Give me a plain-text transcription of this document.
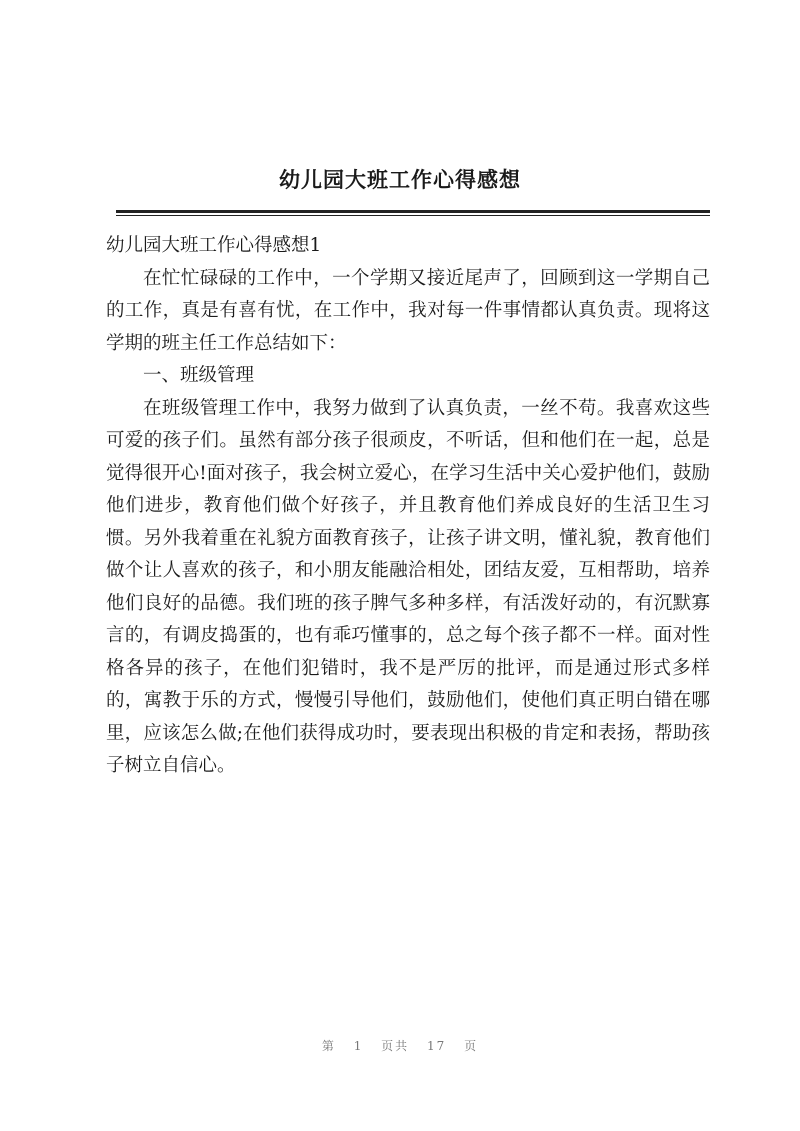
幼儿园大班工作心得感想

幼儿园大班工作心得感想1

在忙忙碌碌的工作中，一个学期又接近尾声了，回顾到这一学期自己的工作，真是有喜有忧，在工作中，我对每一件事情都认真负责。现将这学期的班主任工作总结如下：

一、班级管理

在班级管理工作中，我努力做到了认真负责，一丝不苟。我喜欢这些可爱的孩子们。虽然有部分孩子很顽皮，不听话，但和他们在一起，总是觉得很开心!面对孩子，我会树立爱心，在学习生活中关心爱护他们，鼓励他们进步，教育他们做个好孩子，并且教育他们养成良好的生活卫生习惯。另外我着重在礼貌方面教育孩子，让孩子讲文明，懂礼貌，教育他们做个让人喜欢的孩子，和小朋友能融洽相处，团结友爱，互相帮助，培养他们良好的品德。我们班的孩子脾气多种多样，有活泼好动的，有沉默寡言的，有调皮捣蛋的，也有乖巧懂事的，总之每个孩子都不一样。面对性格各异的孩子，在他们犯错时，我不是严厉的批评，而是通过形式多样的，寓教于乐的方式，慢慢引导他们，鼓励他们，使他们真正明白错在哪里，应该怎么做;在他们获得成功时，要表现出积极的肯定和表扬，帮助孩子树立自信心。

第 1 页共 17 页
